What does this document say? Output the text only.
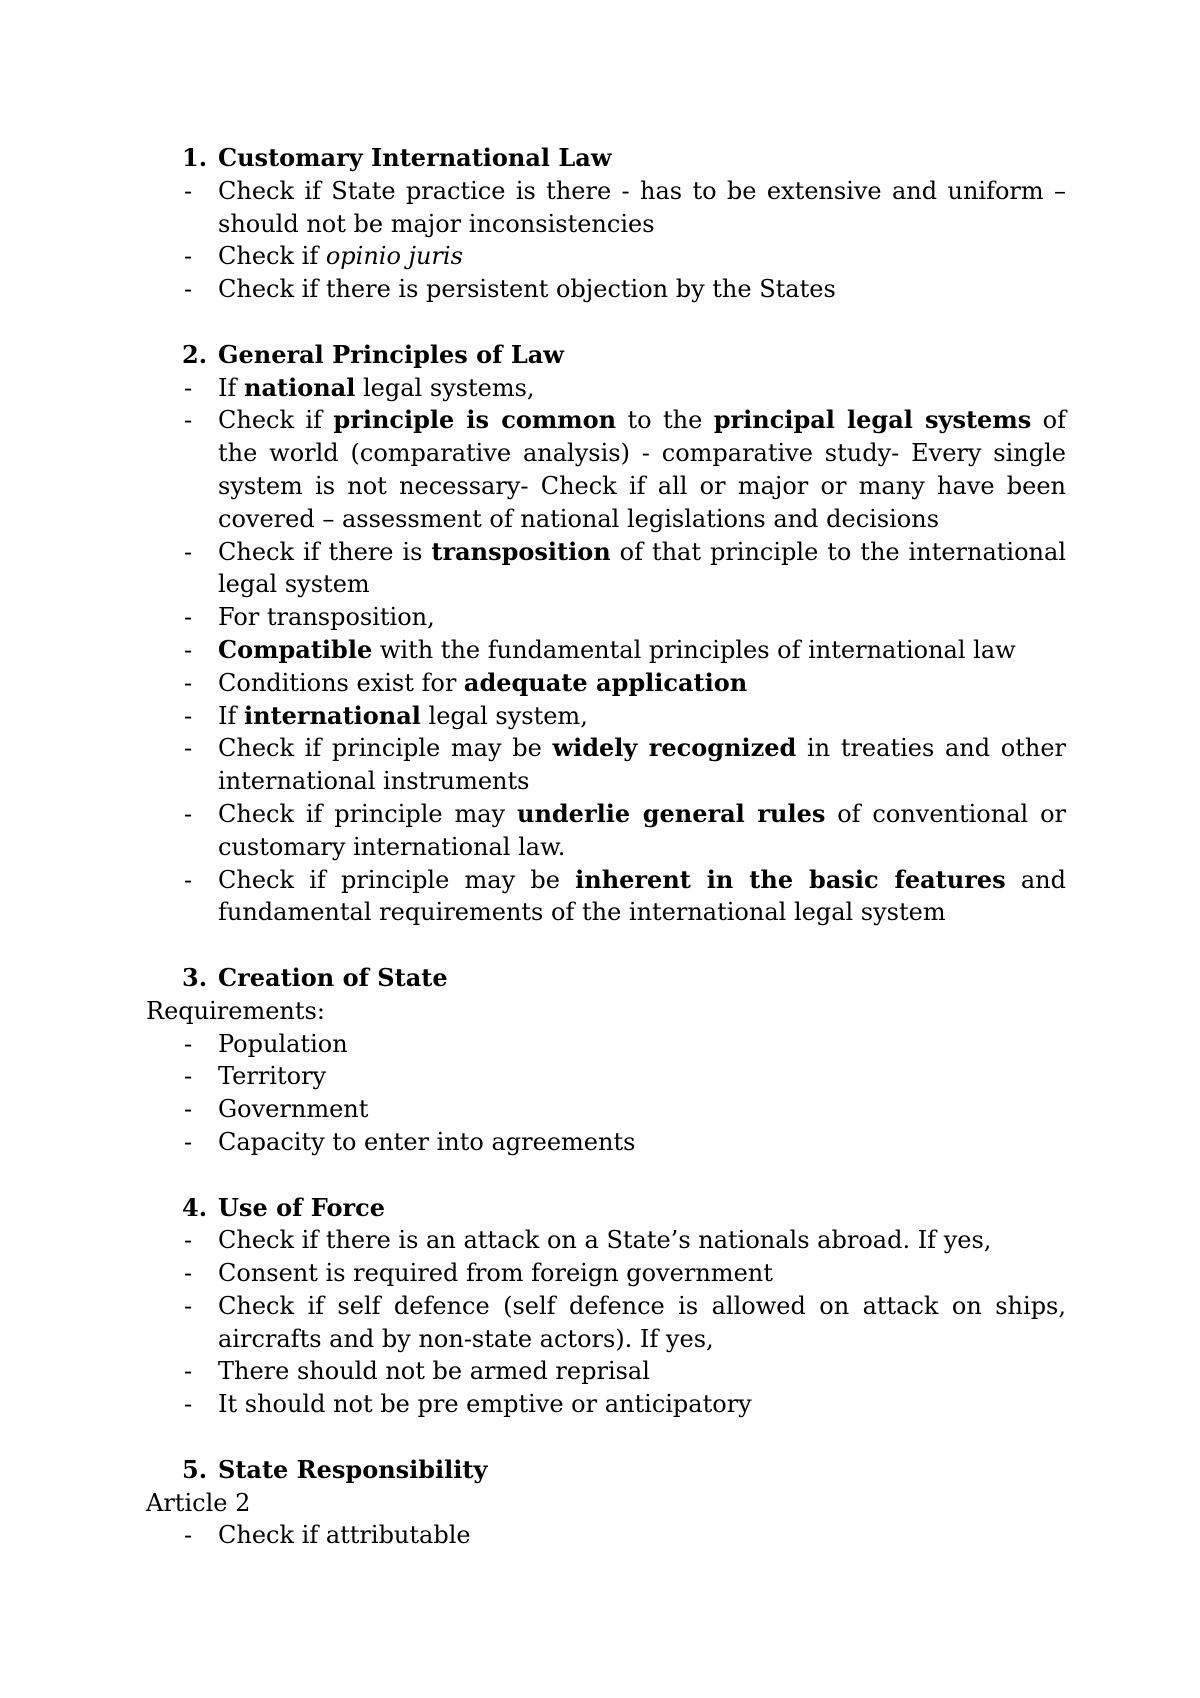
1. Customary International Law
- Check if State practice is there - has to be extensive and uniform – should not be major inconsistencies
- Check if opinio juris
- Check if there is persistent objection by the States
2. General Principles of Law
- If national legal systems,
- Check if principle is common to the principal legal systems of the world (comparative analysis) - comparative study- Every single system is not necessary- Check if all or major or many have been covered – assessment of national legislations and decisions
- Check if there is transposition of that principle to the international legal system
- For transposition,
- Compatible with the fundamental principles of international law
- Conditions exist for adequate application
- If international legal system,
- Check if principle may be widely recognized in treaties and other international instruments
- Check if principle may underlie general rules of conventional or customary international law.
- Check if principle may be inherent in the basic features and fundamental requirements of the international legal system
3. Creation of State
Requirements:
- Population
- Territory
- Government
- Capacity to enter into agreements
4. Use of Force
- Check if there is an attack on a State’s nationals abroad. If yes,
- Consent is required from foreign government
- Check if self defence (self defence is allowed on attack on ships, aircrafts and by non-state actors). If yes,
- There should not be armed reprisal
- It should not be pre emptive or anticipatory
5. State Responsibility
Article 2
- Check if attributable
